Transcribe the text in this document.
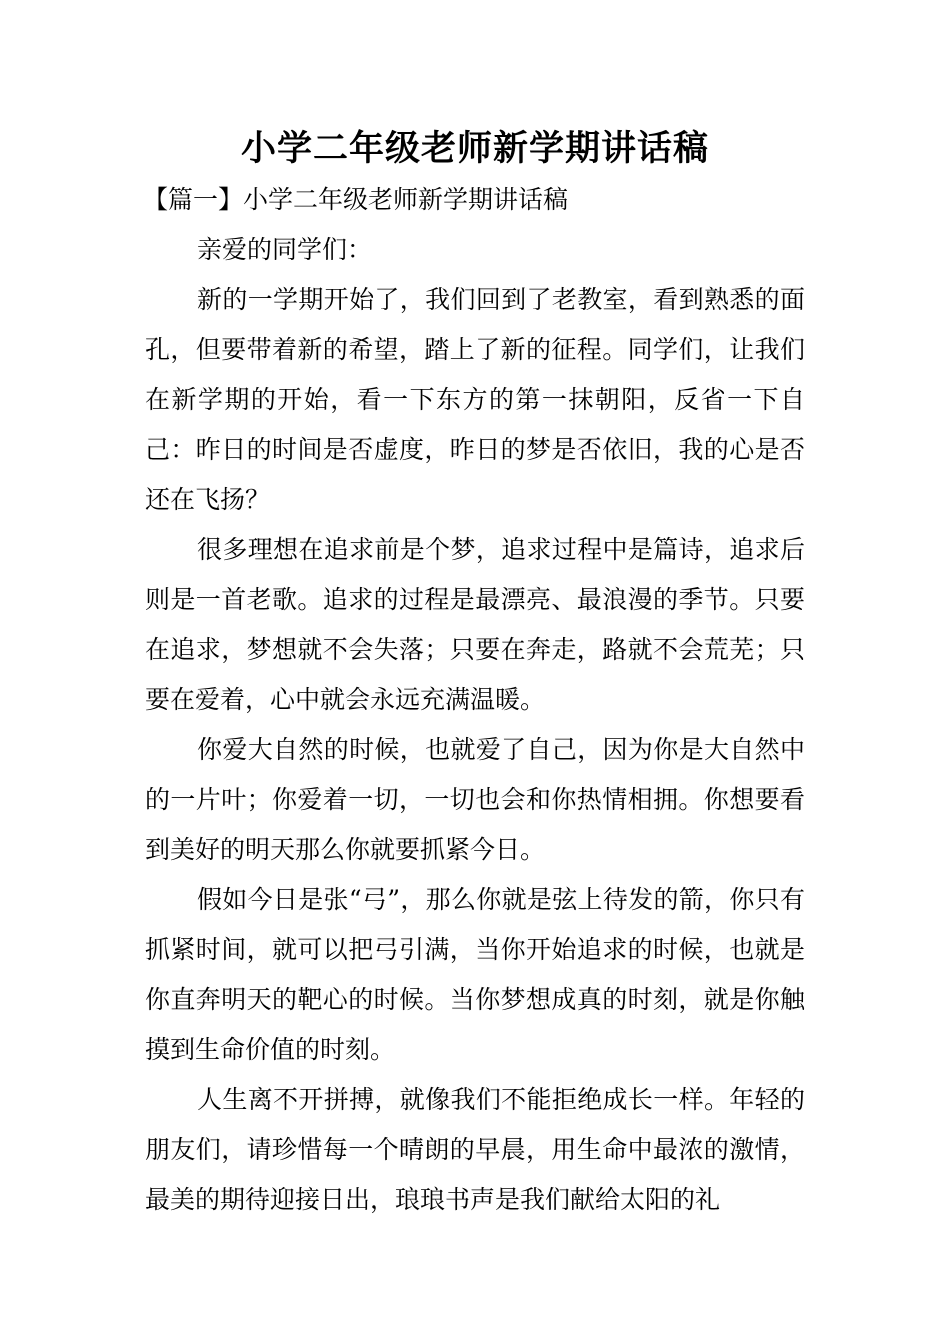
小学二年级老师新学期讲话稿

【篇一】小学二年级老师新学期讲话稿

亲爱的同学们：

新的一学期开始了，我们回到了老教室，看到熟悉的面孔，但要带着新的希望，踏上了新的征程。同学们，让我们在新学期的开始，看一下东方的第一抹朝阳，反省一下自己：昨日的时间是否虚度，昨日的梦是否依旧，我的心是否还在飞扬？

很多理想在追求前是个梦，追求过程中是篇诗，追求后则是一首老歌。追求的过程是最漂亮、最浪漫的季节。只要在追求，梦想就不会失落；只要在奔走，路就不会荒芜；只要在爱着，心中就会永远充满温暖。

你爱大自然的时候，也就爱了自己，因为你是大自然中的一片叶；你爱着一切，一切也会和你热情相拥。你想要看到美好的明天那么你就要抓紧今日。

假如今日是张“弓”，那么你就是弦上待发的箭，你只有抓紧时间，就可以把弓引满，当你开始追求的时候，也就是你直奔明天的靶心的时候。当你梦想成真的时刻，就是你触摸到生命价值的时刻。

人生离不开拼搏，就像我们不能拒绝成长一样。年轻的朋友们，请珍惜每一个晴朗的早晨，用生命中最浓的激情，最美的期待迎接日出，琅琅书声是我们献给太阳的礼
